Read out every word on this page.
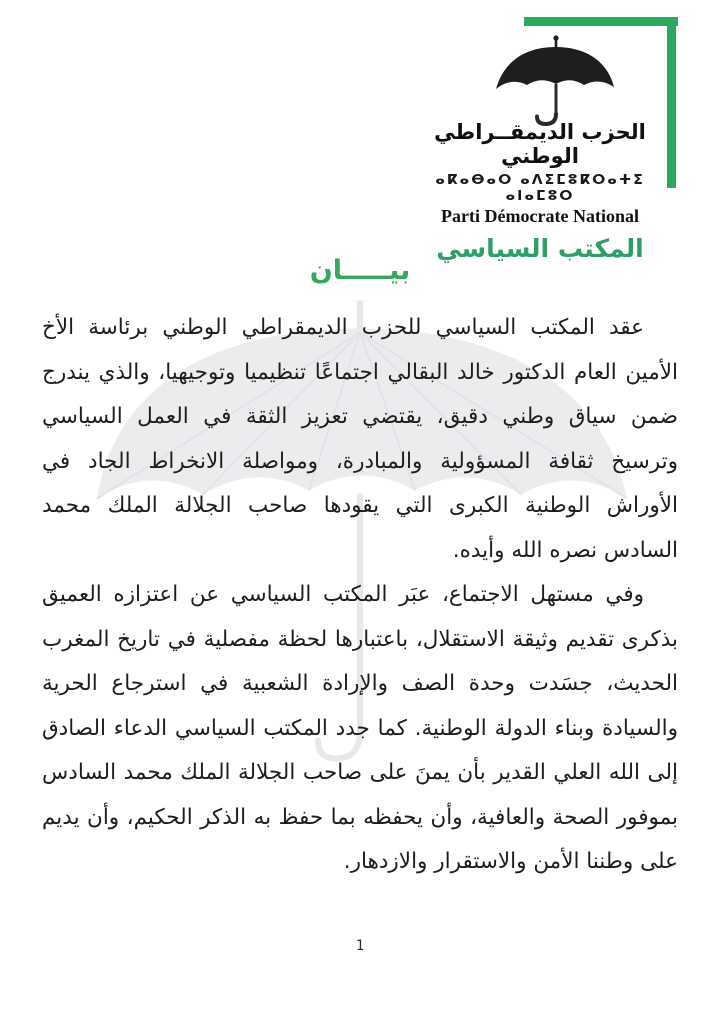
الحزب الديمقــراطي الوطني
ⴰⴽⴰⴱⴰⵔ ⴰⴷⵉⵎⵓⴽⵔⴰⵜⵉ ⴰⵏⴰⵎⵓⵔ
Parti Démocrate National
المكتب السياسي
بيـــــان

عقد المكتب السياسي للحزب الديمقراطي الوطني برئاسة الأخ الأمين العام الدكتور خالد البقالي اجتماعًا تنظيميا وتوجيهيا، والذي يندرج ضمن سياق وطني دقيق، يقتضي تعزيز الثقة في العمل السياسي وترسيخ ثقافة المسؤولية والمبادرة، ومواصلة الانخراط الجاد في الأوراش الوطنية الكبرى التي يقودها صاحب الجلالة الملك محمد السادس نصره الله وأيده.

وفي مستهل الاجتماع، عبَر المكتب السياسي عن اعتزازه العميق بذكرى تقديم وثيقة الاستقلال، باعتبارها لحظة مفصلية في تاريخ المغرب الحديث، جسَدت وحدة الصف والإرادة الشعبية في استرجاع الحرية والسيادة وبناء الدولة الوطنية. كما جدد المكتب السياسي الدعاء الصادق إلى الله العلي القدير بأن يمنَ على صاحب الجلالة الملك محمد السادس بموفور الصحة والعافية، وأن يحفظه بما حفظ به الذكر الحكيم، وأن يديم على وطننا الأمن والاستقرار والازدهار.

1
